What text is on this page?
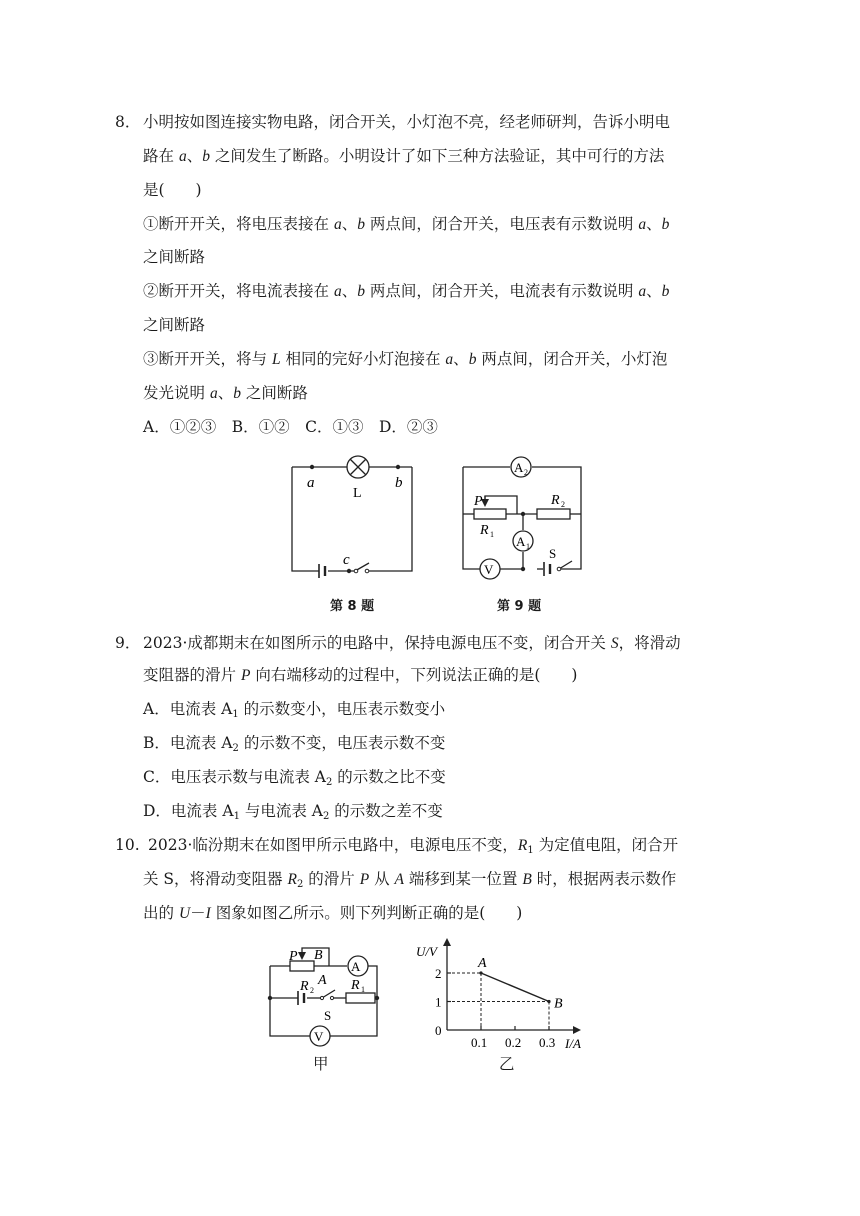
8． 小明按如图连接实物电路，闭合开关，小灯泡不亮，经老师研判，告诉小明电
路在 a、b 之间发生了断路。小明设计了如下三种方法验证，其中可行的方法
是(　　)
①断开开关，将电压表接在 a、b 两点间，闭合开关，电压表有示数说明 a、b
之间断路
②断开开关，将电流表接在 a、b 两点间，闭合开关，电流表有示数说明 a、b
之间断路
③断开开关，将与 L 相同的完好小灯泡接在 a、b 两点间，闭合开关，小灯泡
发光说明 a、b 之间断路
A．①②③　B．①②　C．①③　D．②③
a	b
L
c
第 8 题
A 2
A 1
V
P
R 1
R 2
S
第 9 题
9． 2023·成都期末在如图所示的电路中，保持电源电压不变，闭合开关 S，将滑动
变阻器的滑片 P 向右端移动的过程中，下列说法正确的是(　　)
A．电流表 $A_1$ 的示数变小，电压表示数变小
B．电流表 $A_2$ 的示数不变，电压表示数不变
C．电压表示数与电流表 $A_2$ 的示数之比不变
D．电流表 $A_1$ 与电流表 $A_2$ 的示数之差不变
10. 2023·临汾期末在如图甲所示电路中，电源电压不变，$R_1$ 为定值电阻，闭合开
关 S，将滑动变阻器 $R_2$ 的滑片 P 从 A 端移到某一位置 B 时，根据两表示数作
出的 U－I 图象如图乙所示。则下列判断正确的是(　　)
A
V
P B
A
R 2	R 1
S
甲
U/V
I/A
0.1 0.2 0.3
0
1
2
A
B
乙
